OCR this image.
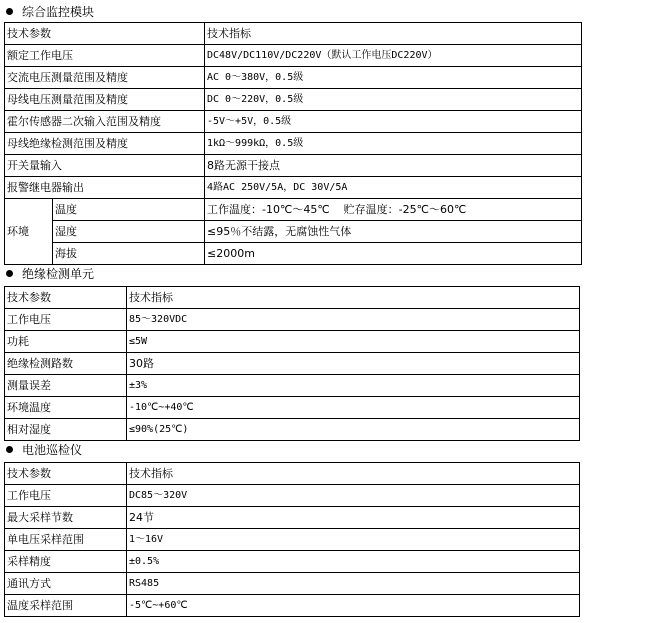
综合监控模块
技术参数		技术指标
额定工作电压		DC48V/DC110V/DC220V（默认工作电压DC220V）
交流电压测量范围及精度		AC 0～380V，0.5级
母线电压测量范围及精度		DC 0～220V，0.5级
霍尔传感器二次输入范围及精度		-5V～+5V，0.5级
母线绝缘检测范围及精度		1kΩ～999kΩ，0.5级
开关量输入		8路无源干接点
报警继电器输出		4路AC 250V/5A，DC 30V/5A
环境	温度	工作温度：-10℃～45℃    贮存温度：-25℃～60℃
	湿度	≤95％不结露，无腐蚀性气体
	海拔	≤2000m
绝缘检测单元
技术参数	技术指标
工作电压	85～320VDC
功耗	≤5W
绝缘检测路数	30路
测量误差	±3%
环境温度	-10℃~+40℃
相对湿度	≤90%(25℃)
电池巡检仪
技术参数	技术指标
工作电压	DC85～320V
最大采样节数	24节
单电压采样范围	1～16V
采样精度	±0.5%
通讯方式	RS485
温度采样范围	-5℃~+60℃
